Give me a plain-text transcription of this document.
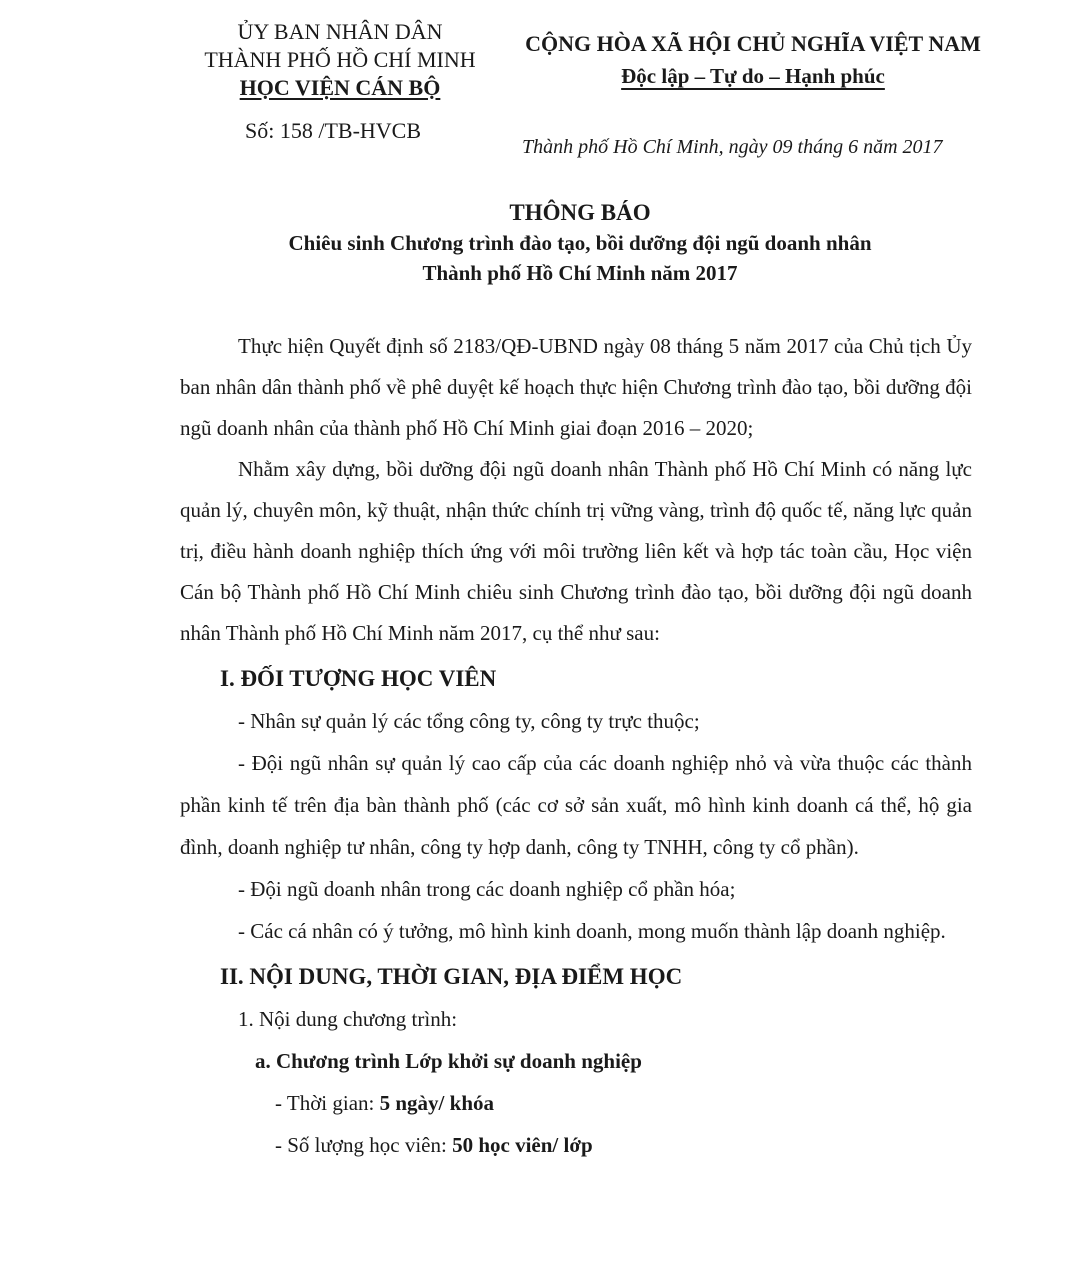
ỦY BAN NHÂN DÂN
THÀNH PHỐ HỒ CHÍ MINH
HỌC VIỆN CÁN BỘ
Số: 158 /TB-HVCB
CỘNG HÒA XÃ HỘI CHỦ NGHĨA VIỆT NAM
Độc lập – Tự do – Hạnh phúc
Thành phố Hồ Chí Minh, ngày 09 tháng 6 năm 2017
THÔNG BÁO
Chiêu sinh Chương trình đào tạo, bồi dưỡng đội ngũ doanh nhân
Thành phố Hồ Chí Minh năm 2017

Thực hiện Quyết định số 2183/QĐ-UBND ngày 08 tháng 5 năm 2017 của Chủ tịch Ủy ban nhân dân thành phố về phê duyệt kế hoạch thực hiện Chương trình đào tạo, bồi dưỡng đội ngũ doanh nhân của thành phố Hồ Chí Minh giai đoạn 2016 – 2020;

Nhằm xây dựng, bồi dưỡng đội ngũ doanh nhân Thành phố Hồ Chí Minh có năng lực quản lý, chuyên môn, kỹ thuật, nhận thức chính trị vững vàng, trình độ quốc tế, năng lực quản trị, điều hành doanh nghiệp thích ứng với môi trường liên kết và hợp tác toàn cầu, Học viện Cán bộ Thành phố Hồ Chí Minh chiêu sinh Chương trình đào tạo, bồi dưỡng đội ngũ doanh nhân Thành phố Hồ Chí Minh năm 2017, cụ thể như sau:

I. ĐỐI TƯỢNG HỌC VIÊN

- Nhân sự quản lý các tổng công ty, công ty trực thuộc;

- Đội ngũ nhân sự quản lý cao cấp của các doanh nghiệp nhỏ và vừa thuộc các thành phần kinh tế trên địa bàn thành phố (các cơ sở sản xuất, mô hình kinh doanh cá thể, hộ gia đình, doanh nghiệp tư nhân, công ty hợp danh, công ty TNHH, công ty cổ phần).

- Đội ngũ doanh nhân trong các doanh nghiệp cổ phần hóa;

- Các cá nhân có ý tưởng, mô hình kinh doanh, mong muốn thành lập doanh nghiệp.

II. NỘI DUNG, THỜI GIAN, ĐỊA ĐIỂM HỌC

1. Nội dung chương trình:

a. Chương trình Lớp khởi sự doanh nghiệp

- Thời gian: 5 ngày/ khóa

- Số lượng học viên: 50 học viên/ lớp
